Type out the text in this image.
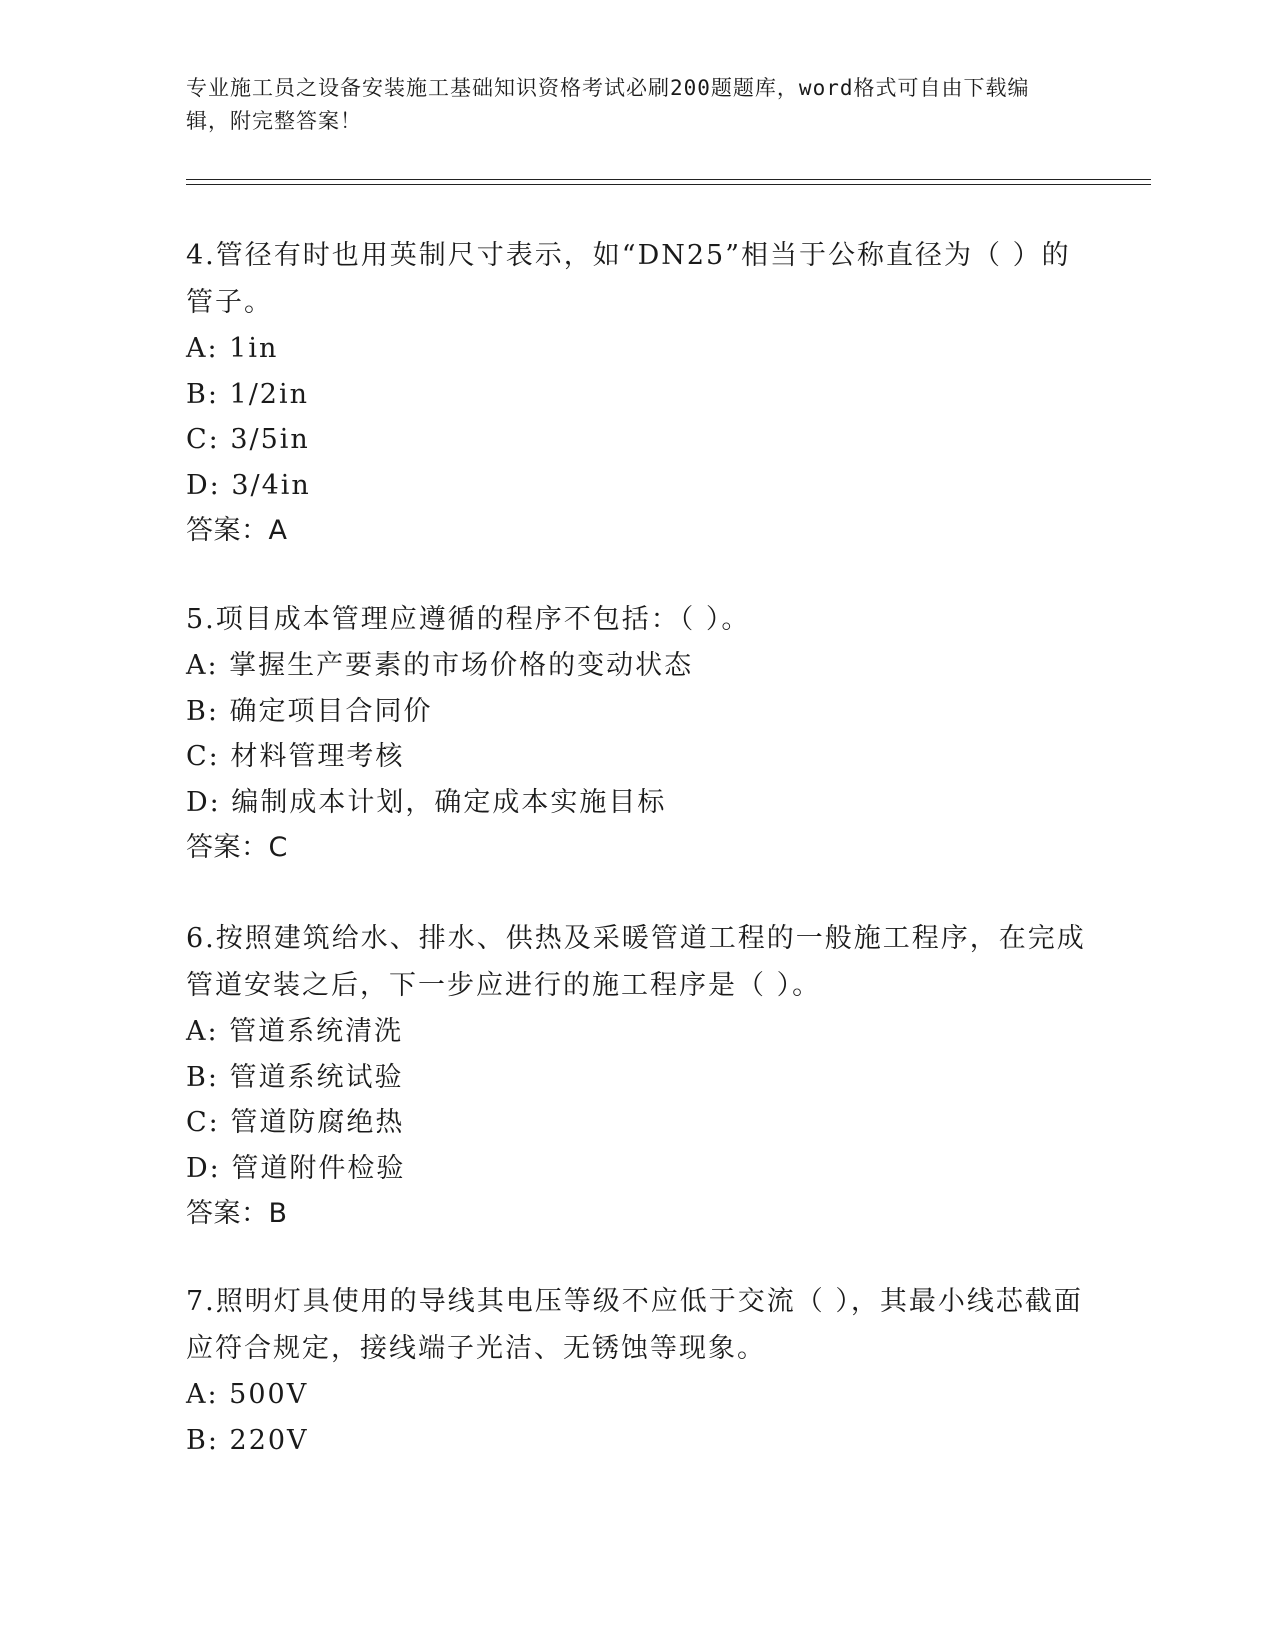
专业施工员之设备安装施工基础知识资格考试必刷200题题库，word格式可自由下载编辑，附完整答案！
4.管径有时也用英制尺寸表示，如“DN25”相当于公称直径为（ ）的管子。
A: 1in
B: 1/2in
C: 3/5in
D: 3/4in
答案：A
5.项目成本管理应遵循的程序不包括：（ ）。
A: 掌握生产要素的市场价格的变动状态
B: 确定项目合同价
C: 材料管理考核
D: 编制成本计划，确定成本实施目标
答案：C
6.按照建筑给水、排水、供热及采暖管道工程的一般施工程序，在完成管道安装之后，下一步应进行的施工程序是（ ）。
A: 管道系统清洗
B: 管道系统试验
C: 管道防腐绝热
D: 管道附件检验
答案：B
7.照明灯具使用的导线其电压等级不应低于交流（ ），其最小线芯截面应符合规定，接线端子光洁、无锈蚀等现象。
A: 500V
B: 220V
